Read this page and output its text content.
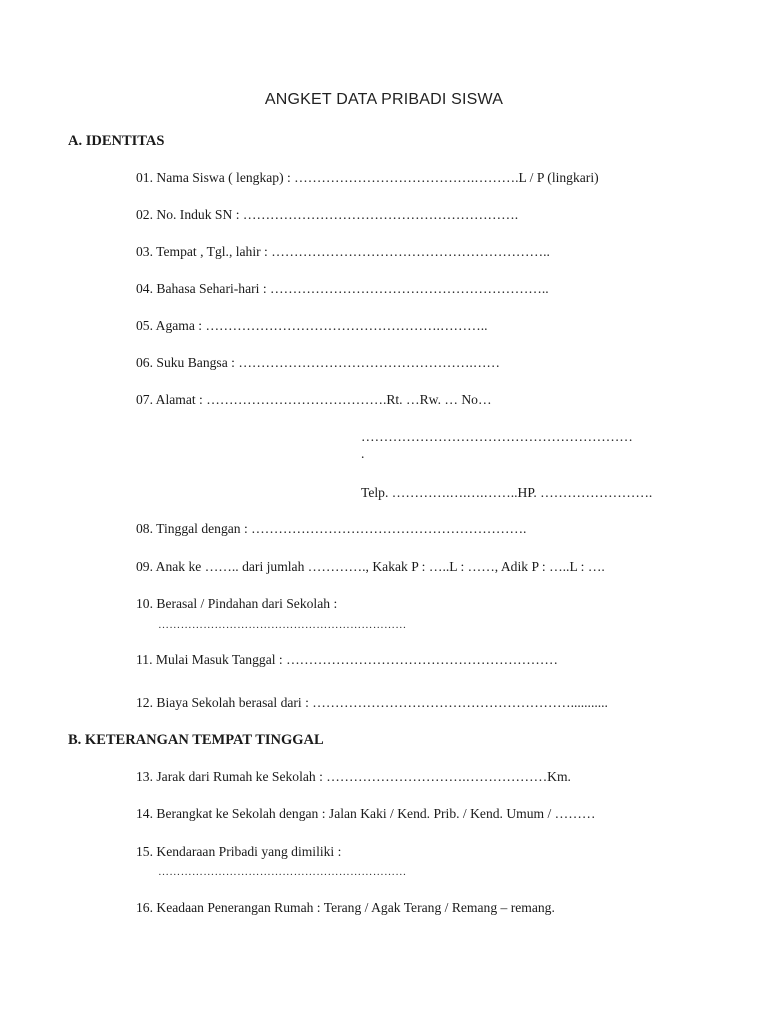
ANGKET DATA PRIBADI SISWA
A. IDENTITAS
01. Nama Siswa ( lengkap) : ………………………………….……….L / P (lingkari)
02. No. Induk SN : …………………………………………………….
03. Tempat , Tgl., lahir : ……………………………………………………..
04. Bahasa Sehari-hari : ……………………………………………………..
05. Agama : …………………………………………….………..
06. Suku Bangsa : …………………………………………….……
07. Alamat : ………………………………….Rt. …Rw. … No…
……………………………………………………
.
Telp. ………….….….……..HP. …………………….
08. Tinggal dengan : …………………………………………………….
09. Anak ke …….. dari jumlah …………., Kakak P : …..L : ……, Adik P : …..L : ….
10. Berasal / Pindahan dari Sekolah :
…………………………………………………………
11. Mulai Masuk Tanggal : ……………………………………………………
12. Biaya Sekolah berasal dari : …………………………………………………...........
B. KETERANGAN TEMPAT TINGGAL
13. Jarak dari Rumah ke Sekolah : ………………………….………………Km.
14. Berangkat ke Sekolah dengan : Jalan Kaki / Kend. Prib. / Kend. Umum / ………
15. Kendaraan Pribadi yang dimiliki :
…………………………………………………………
16. Keadaan Penerangan Rumah : Terang / Agak Terang / Remang – remang.
